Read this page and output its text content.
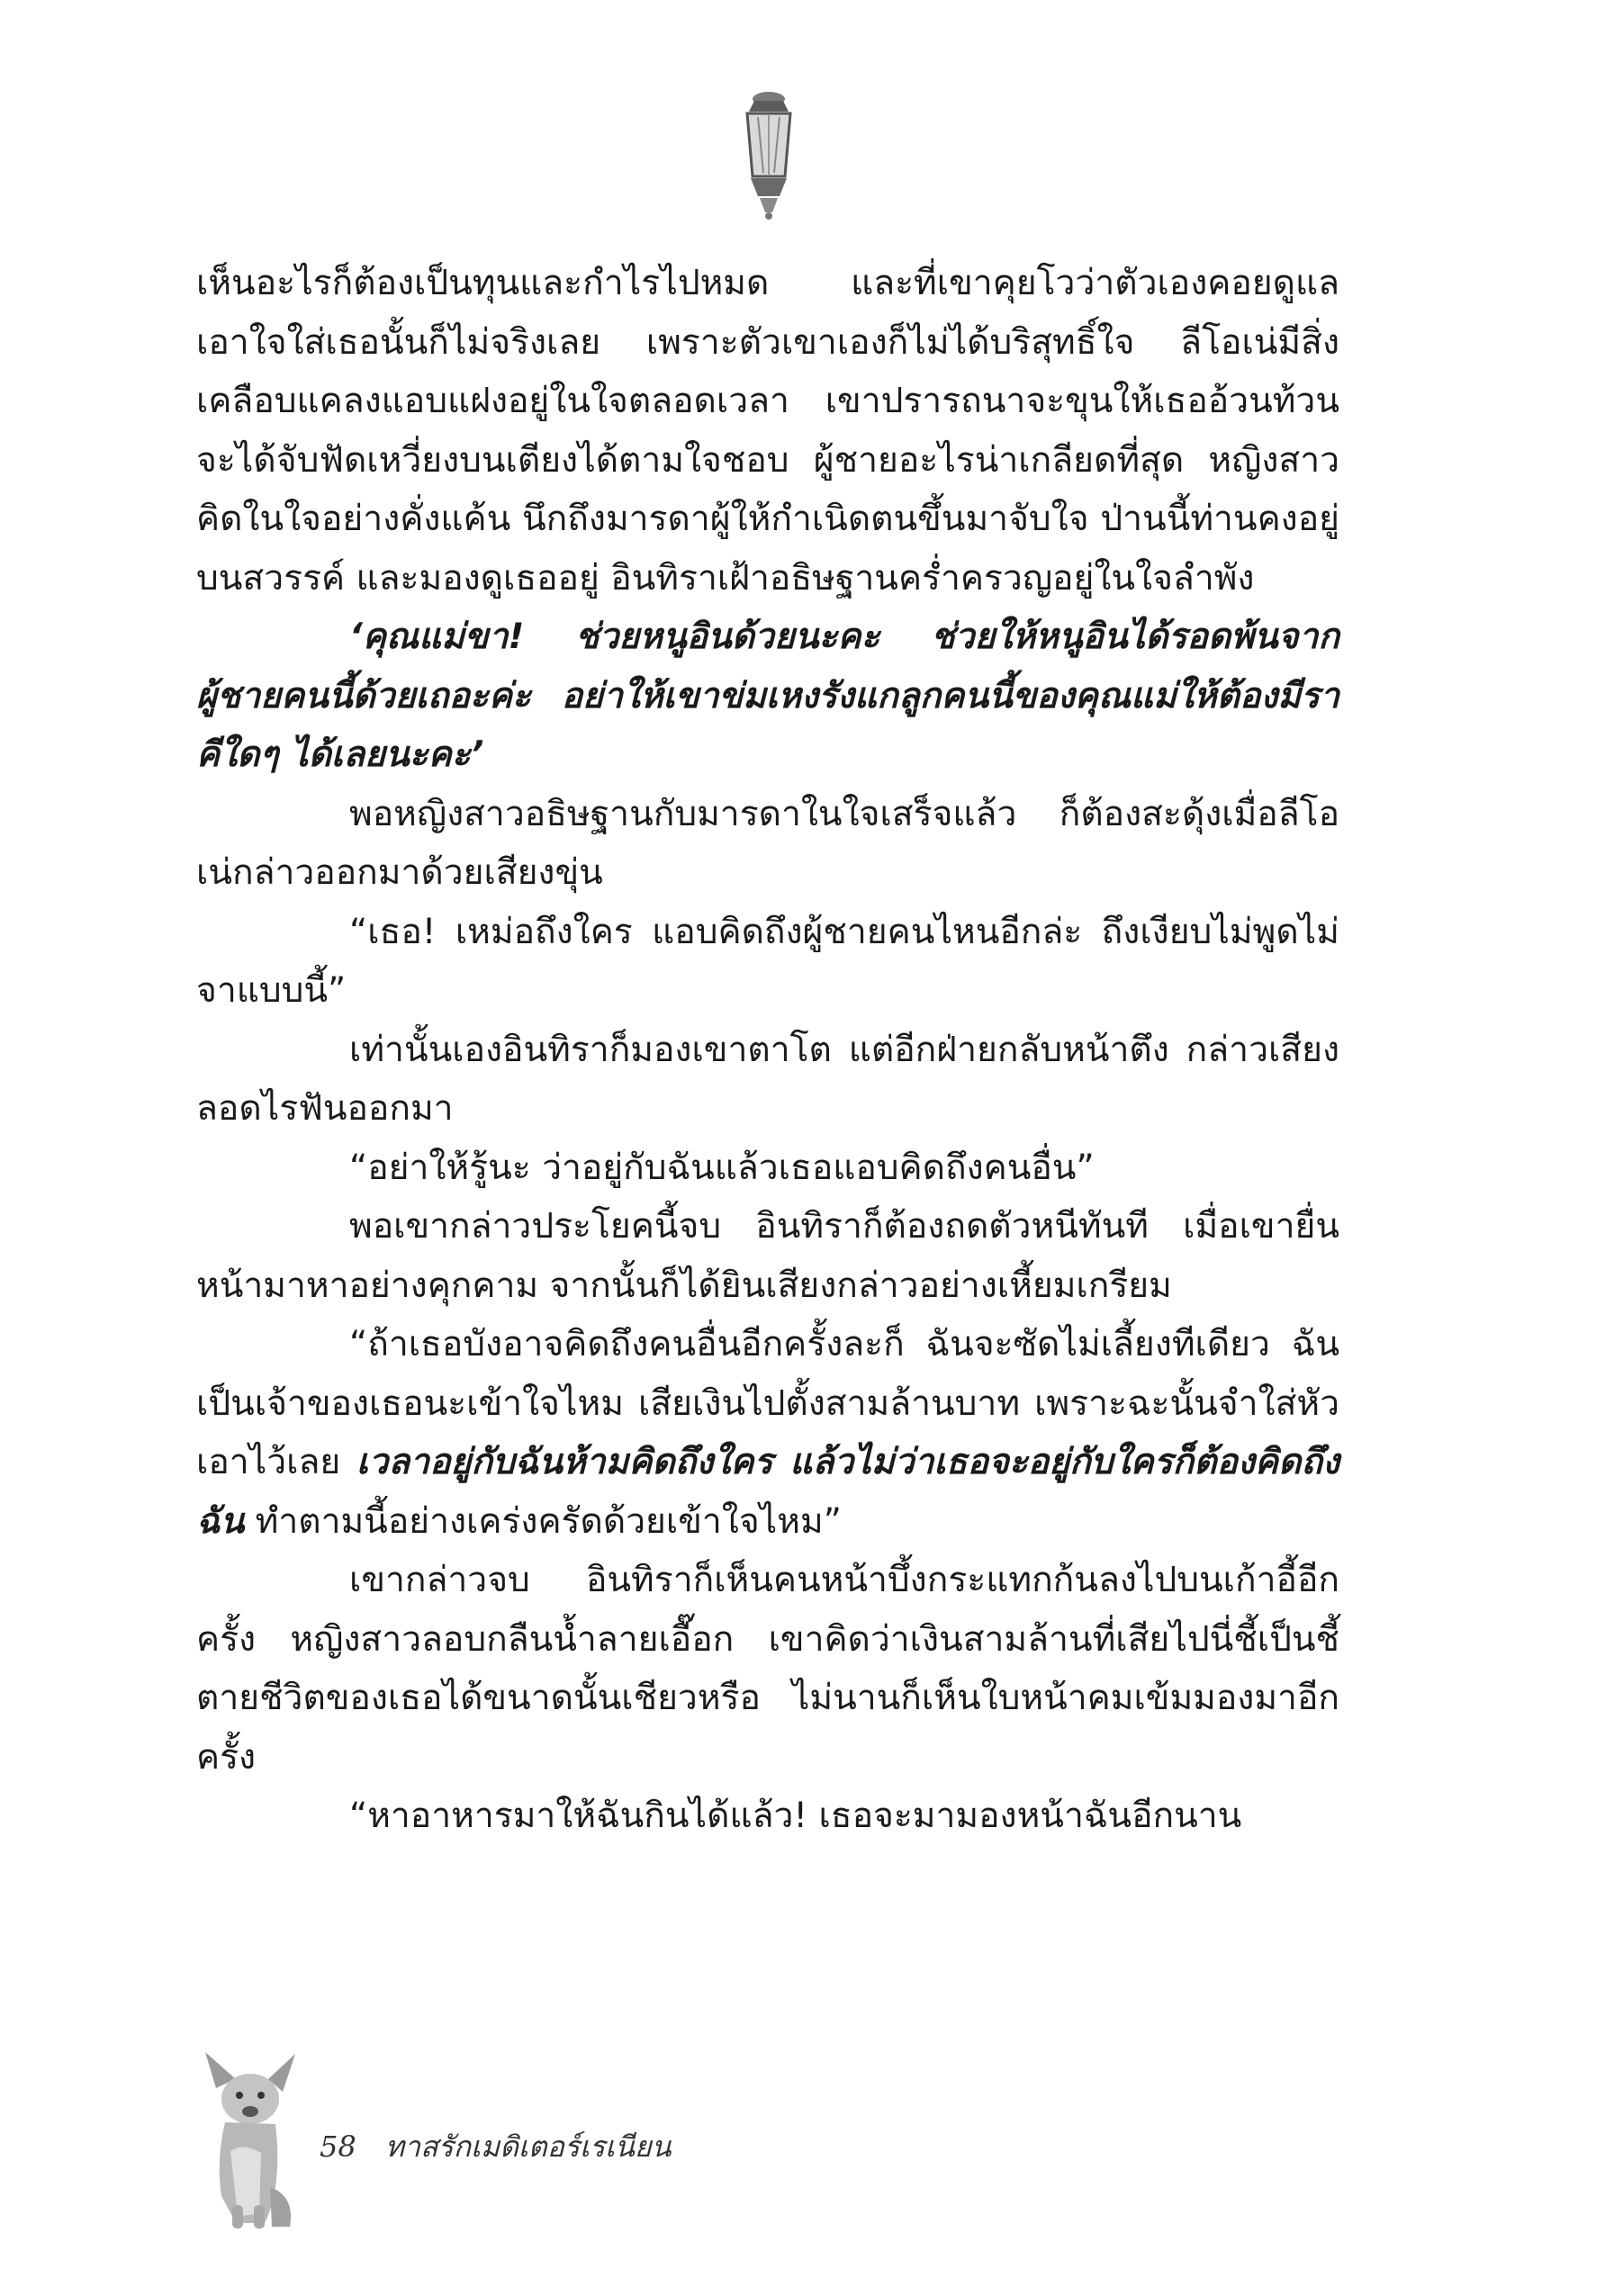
เห็นอะไรก็ต้องเป็นทุนและกำไรไปหมด และที่เขาคุยโวว่าตัวเองคอยดูแลเอาใจใส่เธอนั้นก็ไม่จริงเลย เพราะตัวเขาเองก็ไม่ได้บริสุทธิ์ใจ ลีโอเน่มีสิ่งเคลือบแคลงแอบแฝงอยู่ในใจตลอดเวลา เขาปรารถนาจะขุนให้เธออ้วนท้วน จะได้จับฟัดเหวี่ยงบนเตียงได้ตามใจชอบ ผู้ชายอะไรน่าเกลียดที่สุด หญิงสาวคิดในใจอย่างคั่งแค้น นึกถึงมารดาผู้ให้กำเนิดตนขึ้นมาจับใจ ป่านนี้ท่านคงอยู่บนสวรรค์ และมองดูเธออยู่ อินทิราเฝ้าอธิษฐานคร่ำครวญอยู่ในใจลำพัง

‘คุณแม่ขา! ช่วยหนูอินด้วยนะคะ ช่วยให้หนูอินได้รอดพ้นจากผู้ชายคนนี้ด้วยเถอะค่ะ อย่าให้เขาข่มเหงรังแกลูกคนนี้ของคุณแม่ให้ต้องมีราคีใดๆ ได้เลยนะคะ’

พอหญิงสาวอธิษฐานกับมารดาในใจเสร็จแล้ว ก็ต้องสะดุ้งเมื่อลีโอเน่กล่าวออกมาด้วยเสียงขุ่น

“เธอ! เหม่อถึงใคร แอบคิดถึงผู้ชายคนไหนอีกล่ะ ถึงเงียบไม่พูดไม่จาแบบนี้”

เท่านั้นเองอินทิราก็มองเขาตาโต แต่อีกฝ่ายกลับหน้าตึง กล่าวเสียงลอดไรฟันออกมา

“อย่าให้รู้นะ ว่าอยู่กับฉันแล้วเธอแอบคิดถึงคนอื่น”

พอเขากล่าวประโยคนี้จบ อินทิราก็ต้องถดตัวหนีทันที เมื่อเขายื่นหน้ามาหาอย่างคุกคาม จากนั้นก็ได้ยินเสียงกล่าวอย่างเหี้ยมเกรียม

“ถ้าเธอบังอาจคิดถึงคนอื่นอีกครั้งละก็ ฉันจะซัดไม่เลี้ยงทีเดียว ฉันเป็นเจ้าของเธอนะเข้าใจไหม เสียเงินไปตั้งสามล้านบาท เพราะฉะนั้นจำใส่หัวเอาไว้เลย เวลาอยู่กับฉันห้ามคิดถึงใคร แล้วไม่ว่าเธอจะอยู่กับใครก็ต้องคิดถึงฉัน ทำตามนี้อย่างเคร่งครัดด้วยเข้าใจไหม”

เขากล่าวจบ อินทิราก็เห็นคนหน้าบึ้งกระแทกก้นลงไปบนเก้าอี้อีกครั้ง หญิงสาวลอบกลืนน้ำลายเอื๊อก เขาคิดว่าเงินสามล้านที่เสียไปนี่ชี้เป็นชี้ตายชีวิตของเธอได้ขนาดนั้นเชียวหรือ ไม่นานก็เห็นใบหน้าคมเข้มมองมาอีกครั้ง

“หาอาหารมาให้ฉันกินได้แล้ว! เธอจะมามองหน้าฉันอีกนาน

58 ทาสรักเมดิเตอร์เรเนียน
